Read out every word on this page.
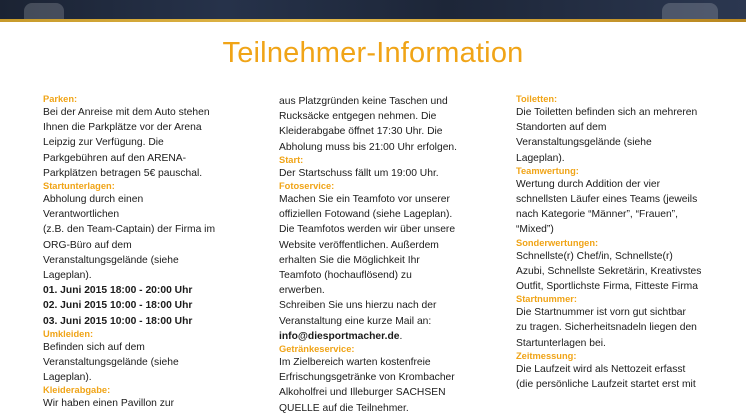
Teilnehmer-Information
Parken:
Bei der Anreise mit dem Auto stehen
Ihnen die Parkplätze vor der Arena
Leipzig zur Verfügung. Die
Parkgebühren auf den ARENA-
Parkplätzen betragen 5€ pauschal.
Startunterlagen:
Abholung durch einen Verantwortlichen
(z.B. den Team-Captain) der Firma im
ORG-Büro auf dem
Veranstaltungsgelände (siehe
Lageplan).
01. Juni 2015 18:00 - 20:00 Uhr
02. Juni 2015 10:00 - 18:00 Uhr
03. Juni 2015 10:00 - 18:00 Uhr
Umkleiden:
Befinden sich auf dem
Veranstaltungsgelände (siehe
Lageplan).
Kleiderabgabe:
Wir haben einen Pavillon zur
aus Platzgründen keine Taschen und
Rucksäcke entgegen nehmen. Die
Kleiderabgabe öffnet 17:30 Uhr. Die
Abholung muss bis 21:00 Uhr erfolgen.
Start:
Der Startschuss fällt um 19:00 Uhr.
Fotoservice:
Machen Sie ein Teamfoto vor unserer
offiziellen Fotowand (siehe Lageplan).
Die Teamfotos werden wir über unsere
Website veröffentlichen. Außerdem
erhalten Sie die Möglichkeit Ihr
Teamfoto (hochauflösend) zu erwerben.
Schreiben Sie uns hierzu nach der
Veranstaltung eine kurze Mail an:
info@diesportmacher.de.
Getränkeservice:
Im Zielbereich warten kostenfreie
Erfrischungsgetränke von Krombacher
Alkoholfrei und Illeburger SACHSEN
QUELLE auf die Teilnehmer.
Toiletten:
Die Toiletten befinden sich an mehreren
Standorten auf dem
Veranstaltungsgelände (siehe
Lageplan).
Teamwertung:
Wertung durch Addition der vier
schnellsten Läufer eines Teams (jeweils
nach Kategorie “Männer”, “Frauen”,
“Mixed”)
Sonderwertungen:
Schnellste(r) Chef/in, Schnellste(r)
Azubi, Schnellste Sekretärin, Kreativstes
Outfit, Sportlichste Firma, Fitteste Firma
Startnummer:
Die Startnummer ist vorn gut sichtbar
zu tragen. Sicherheitsnadeln liegen den
Startunterlagen bei.
Zeitmessung:
Die Laufzeit wird als Nettozeit erfasst
(die persönliche Laufzeit startet erst mit
